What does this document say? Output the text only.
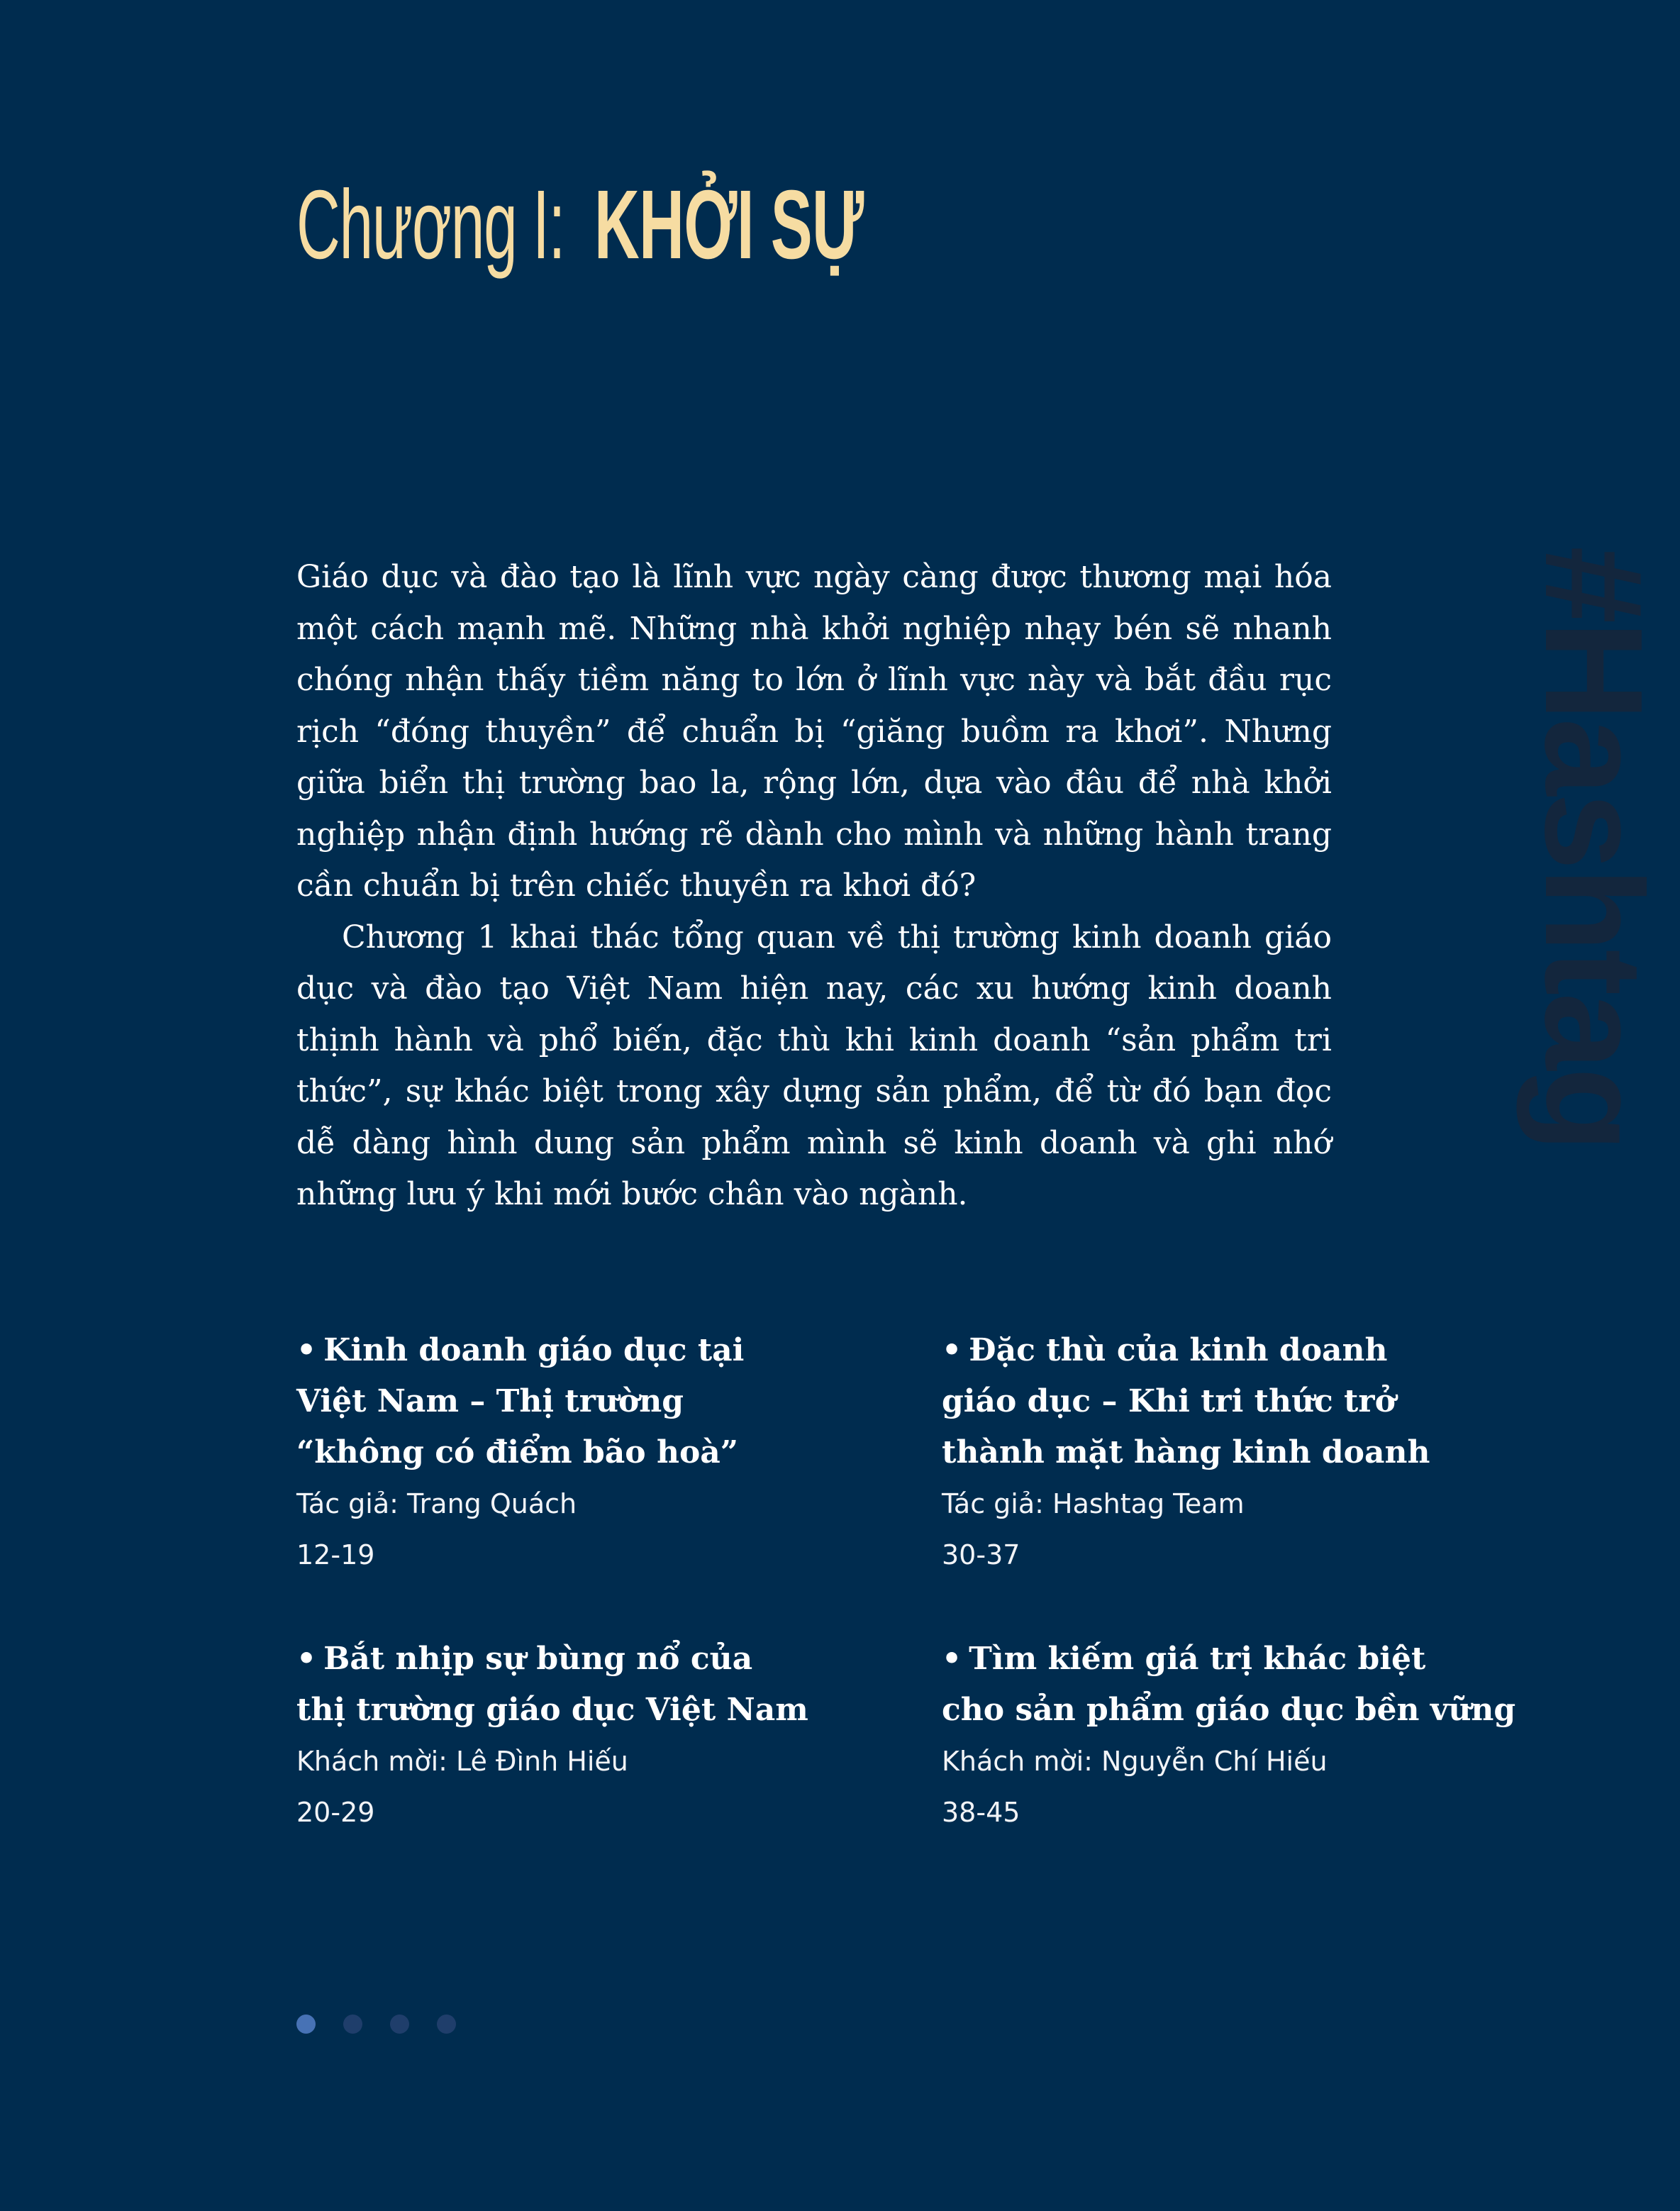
Chương I: KHỞI SỰ
#Hashtag

Giáo dục và đào tạo là lĩnh vực ngày càng được thương mại hóa một cách mạnh mẽ. Những nhà khởi nghiệp nhạy bén sẽ nhanh chóng nhận thấy tiềm năng to lớn ở lĩnh vực này và bắt đầu rục rịch “đóng thuyền” để chuẩn bị “giăng buồm ra khơi”. Nhưng giữa biển thị trường bao la, rộng lớn, dựa vào đâu để nhà khởi nghiệp nhận định hướng rẽ dành cho mình và những hành trang cần chuẩn bị trên chiếc thuyền ra khơi đó?

Chương 1 khai thác tổng quan về thị trường kinh doanh giáo dục và đào tạo Việt Nam hiện nay, các xu hướng kinh doanh thịnh hành và phổ biến, đặc thù khi kinh doanh “sản phẩm tri thức”, sự khác biệt trong xây dựng sản phẩm, để từ đó bạn đọc dễ dàng hình dung sản phẩm mình sẽ kinh doanh và ghi nhớ những lưu ý khi mới bước chân vào ngành.

• Kinh doanh giáo dục tại
Việt Nam – Thị trường
“không có điểm bão hoà”

Tác giả: Trang Quách

12-19

• Đặc thù của kinh doanh
giáo dục – Khi tri thức trở
thành mặt hàng kinh doanh

Tác giả: Hashtag Team

30-37

• Bắt nhịp sự bùng nổ của
thị trường giáo dục Việt Nam

Khách mời: Lê Đình Hiếu

20-29

• Tìm kiếm giá trị khác biệt
cho sản phẩm giáo dục bền vững

Khách mời: Nguyễn Chí Hiếu

38-45
